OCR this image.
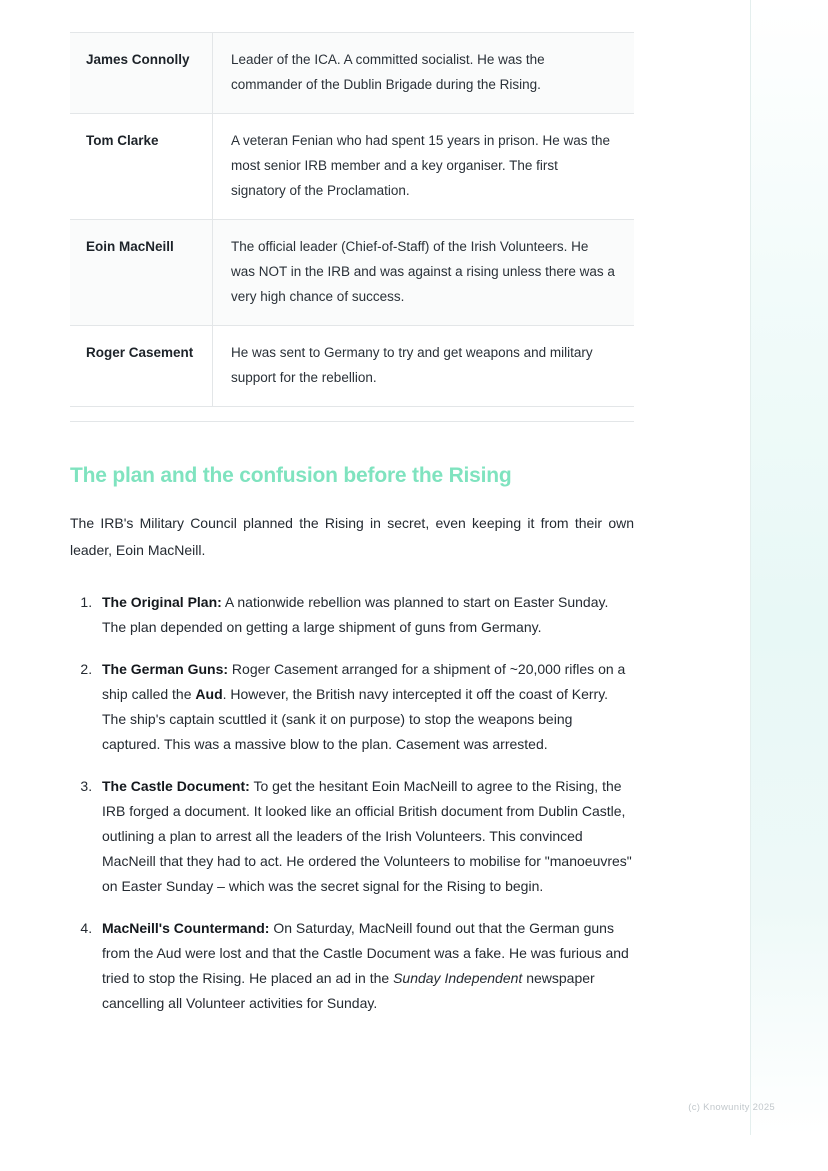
James Connolly	Leader of the ICA. A committed socialist. He was the commander of the Dublin Brigade during the Rising.
Tom Clarke	A veteran Fenian who had spent 15 years in prison. He was the most senior IRB member and a key organiser. The first signatory of the Proclamation.
Eoin MacNeill	The official leader (Chief-of-Staff) of the Irish Volunteers. He was NOT in the IRB and was against a rising unless there was a very high chance of success.
Roger Casement	He was sent to Germany to try and get weapons and military support for the rebellion.
The plan and the confusion before the Rising

The IRB's Military Council planned the Rising in secret, even keeping it from their own leader, Eoin MacNeill.

1. The Original Plan: A nationwide rebellion was planned to start on Easter Sunday. The plan depended on getting a large shipment of guns from Germany.
2. The German Guns: Roger Casement arranged for a shipment of ~20,000 rifles on a ship called the Aud. However, the British navy intercepted it off the coast of Kerry. The ship's captain scuttled it (sank it on purpose) to stop the weapons being captured. This was a massive blow to the plan. Casement was arrested.
3. The Castle Document: To get the hesitant Eoin MacNeill to agree to the Rising, the IRB forged a document. It looked like an official British document from Dublin Castle, outlining a plan to arrest all the leaders of the Irish Volunteers. This convinced MacNeill that they had to act. He ordered the Volunteers to mobilise for "manoeuvres" on Easter Sunday – which was the secret signal for the Rising to begin.
4. MacNeill's Countermand: On Saturday, MacNeill found out that the German guns from the Aud were lost and that the Castle Document was a fake. He was furious and tried to stop the Rising. He placed an ad in the Sunday Independent newspaper cancelling all Volunteer activities for Sunday.
(c) Knowunity 2025
